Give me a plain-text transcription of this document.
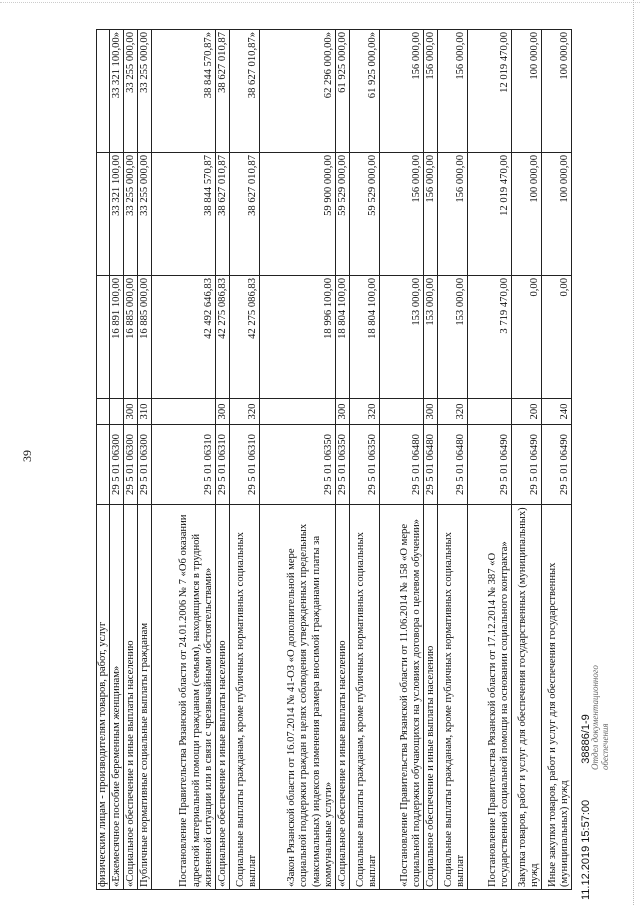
39
физическим лицам - производителям товаров, работ, услуг					
«Ежемесячное пособие беременным женщинам»	29 5 01 06300		16 891 100,00	33 321 100,00	33 321 100,00»
«Социальное обеспечение и иные выплаты населению	29 5 01 06300	300	16 885 000,00	33 255 000,00	33 255 000,00
Публичные нормативные социальные выплаты гражданам	29 5 01 06300	310	16 885 000,00	33 255 000,00	33 255 000,00
Постановление Правительства Рязанской области от 24.01.2006 № 7 «Об оказании адресной материальной помощи гражданам (семьям), находящимся в трудной жизненной ситуации или в связи с чрезвычайными обстоятельствами»	29 5 01 06310		42 492 646,83	38 844 570,87	38 844 570,87»
«Социальное обеспечение и иные выплаты населению	29 5 01 06310	300	42 275 086,83	38 627 010,87	38 627 010,87
Социальные выплаты гражданам, кроме публичных нормативных социальных выплат	29 5 01 06310	320	42 275 086,83	38 627 010,87	38 627 010,87»
«Закон Рязанской области от 16.07.2014 № 41-ОЗ «О дополнительной мере социальной поддержки граждан в целях соблюдения утвержденных предельных (максимальных) индексов изменения размера вносимой гражданами платы за коммунальные услуги»	29 5 01 06350		18 996 100,00	59 900 000,00	62 296 000,00»
«Социальное обеспечение и иные выплаты населению	29 5 01 06350	300	18 804 100,00	59 529 000,00	61 925 000,00
Социальные выплаты гражданам, кроме публичных нормативных социальных выплат	29 5 01 06350	320	18 804 100,00	59 529 000,00	61 925 000,00»
«Постановление Правительства Рязанской области от 11.06.2014 № 158 «О мере социальной поддержки обучающихся на условиях договора о целевом обучении»	29 5 01 06480		153 000,00	156 000,00	156 000,00
Социальное обеспечение и иные выплаты населению	29 5 01 06480	300	153 000,00	156 000,00	156 000,00
Социальные выплаты гражданам, кроме публичных нормативных социальных выплат	29 5 01 06480	320	153 000,00	156 000,00	156 000,00
Постановление Правительства Рязанской области от 17.12.2014 № 387 «О государственной социальной помощи на основании социального контракта»	29 5 01 06490		3 719 470,00	12 019 470,00	12 019 470,00
Закупка товаров, работ и услуг для обеспечения государственных (муниципальных) нужд	29 5 01 06490	200	0,00	100 000,00	100 000,00
Иные закупки товаров, работ и услуг для обеспечения государственных (муниципальных) нужд	29 5 01 06490	240	0,00	100 000,00	100 000,00
Отдел документационного обеспечения
11.12.2019 15:57:00  38886/1-9
